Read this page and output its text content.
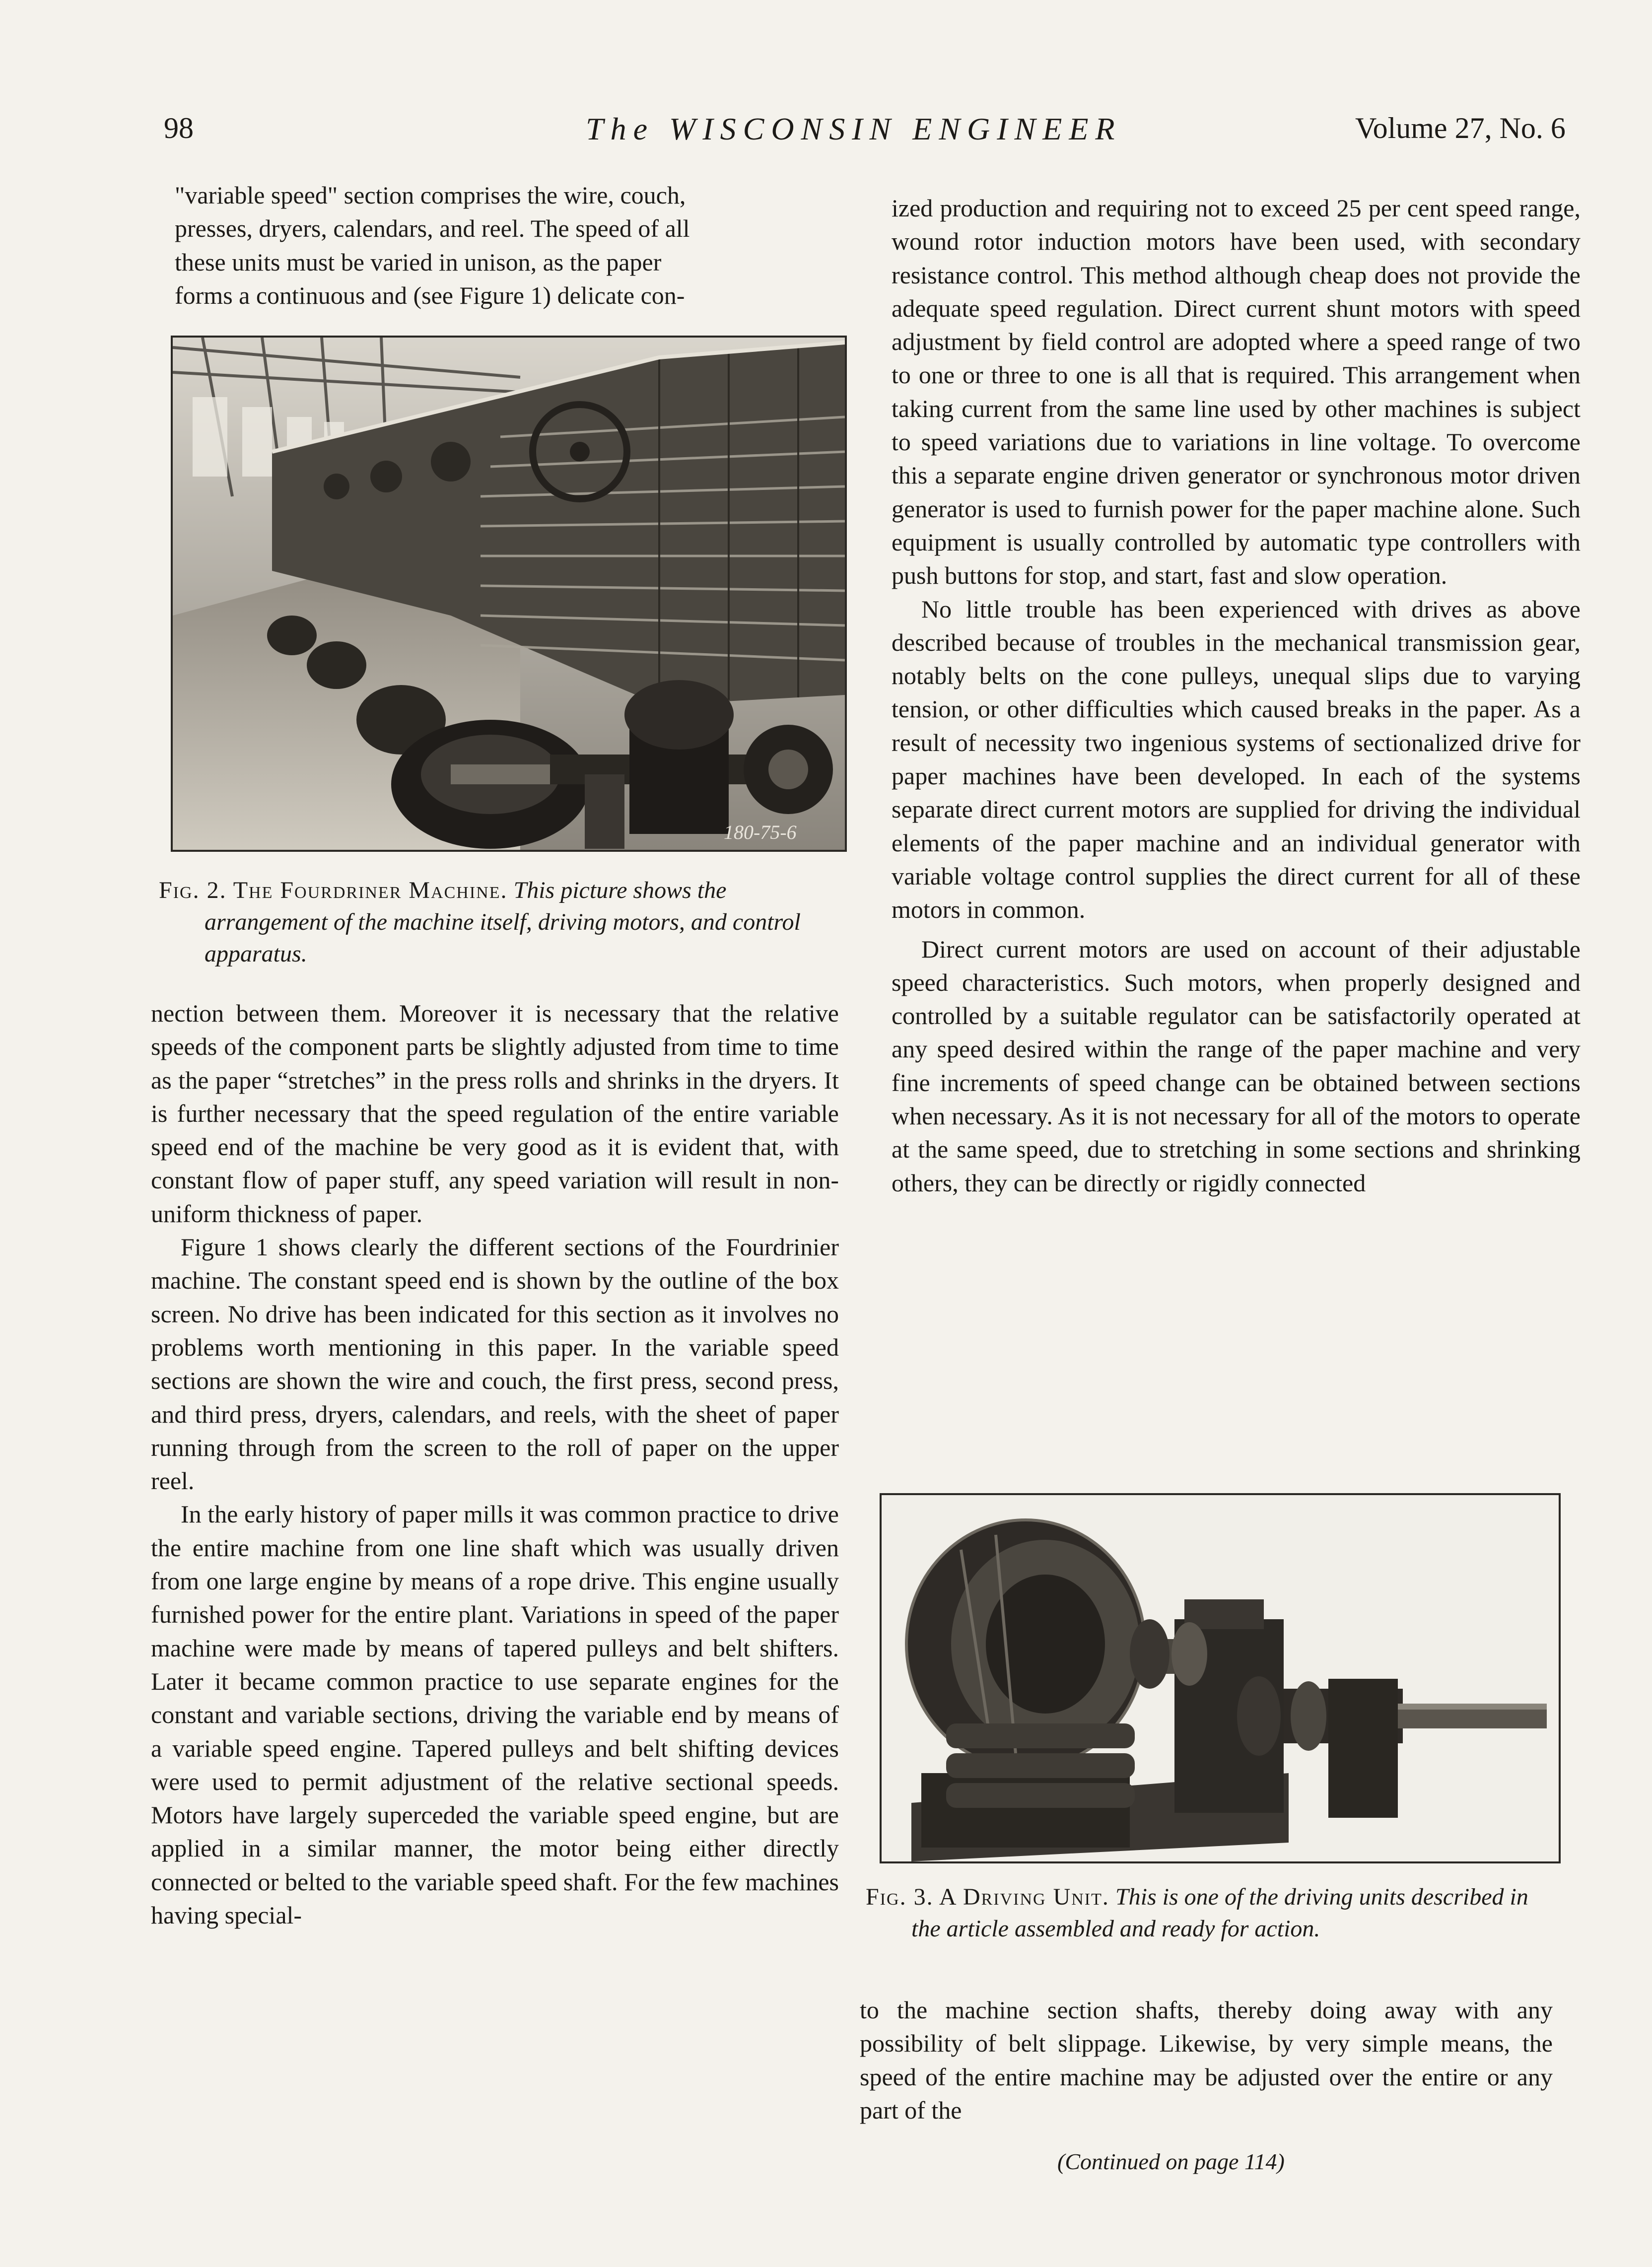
98	The WISCONSIN ENGINEER	Volume 27, No. 6

"variable speed" section comprises the wire, couch,

presses, dryers, calendars, and reel. The speed of all

these units must be varied in unison, as the paper

forms a continuous and (see Figure 1) delicate con-

180-75-6
Fig. 2. The Fourdriner Machine. This picture shows the arrangement of the machine itself, driving motors, and control apparatus.

nection between them. Moreover it is necessary that the relative speeds of the component parts be slightly adjusted from time to time as the paper “stretches” in the press rolls and shrinks in the dryers. It is further necessary that the speed regulation of the entire variable speed end of the machine be very good as it is evident that, with constant flow of paper stuff, any speed variation will result in non-uniform thickness of paper.

Figure 1 shows clearly the different sections of the Fourdrinier machine. The constant speed end is shown by the outline of the box screen. No drive has been indicated for this section as it involves no problems worth mentioning in this paper. In the variable speed sections are shown the wire and couch, the first press, second press, and third press, dryers, calendars, and reels, with the sheet of paper running through from the screen to the roll of paper on the upper reel.

In the early history of paper mills it was common practice to drive the entire machine from one line shaft which was usually driven from one large engine by means of a rope drive. This engine usually furnished power for the entire plant. Variations in speed of the paper machine were made by means of tapered pulleys and belt shifters. Later it became common practice to use separate engines for the constant and variable sections, driving the variable end by means of a variable speed engine. Tapered pulleys and belt shifting devices were used to permit adjustment of the relative sectional speeds. Motors have largely superceded the variable speed engine, but are applied in a similar manner, the motor being either directly connected or belted to the variable speed shaft. For the few machines having special-

ized production and requiring not to exceed 25 per cent speed range, wound rotor induction motors have been used, with secondary resistance control. This method although cheap does not provide the adequate speed regulation. Direct current shunt motors with speed adjustment by field control are adopted where a speed range of two to one or three to one is all that is required. This arrangement when taking current from the same line used by other machines is subject to speed variations due to variations in line voltage. To overcome this a separate engine driven generator or synchronous motor driven generator is used to furnish power for the paper machine alone. Such equipment is usually controlled by automatic type controllers with push buttons for stop, and start, fast and slow operation.

No little trouble has been experienced with drives as above described because of troubles in the mechanical transmission gear, notably belts on the cone pulleys, unequal slips due to varying tension, or other difficulties which caused breaks in the paper. As a result of necessity two ingenious systems of sectionalized drive for paper machines have been developed. In each of the systems separate direct current motors are supplied for driving the individual elements of the paper machine and an individual generator with variable voltage control supplies the direct current for all of these motors in common.

Direct current motors are used on account of their adjustable speed characteristics. Such motors, when properly designed and controlled by a suitable regulator can be satisfactorily operated at any speed desired within the range of the paper machine and very fine increments of speed change can be obtained between sections when necessary. As it is not necessary for all of the motors to operate at the same speed, due to stretching in some sections and shrinking others, they can be directly or rigidly connected

Fig. 3. A Driving Unit. This is one of the driving units described in the article assembled and ready for action.

to the machine section shafts, thereby doing away with any possibility of belt slippage. Likewise, by very simple means, the speed of the entire machine may be adjusted over the entire or any part of the

(Continued on page 114)
